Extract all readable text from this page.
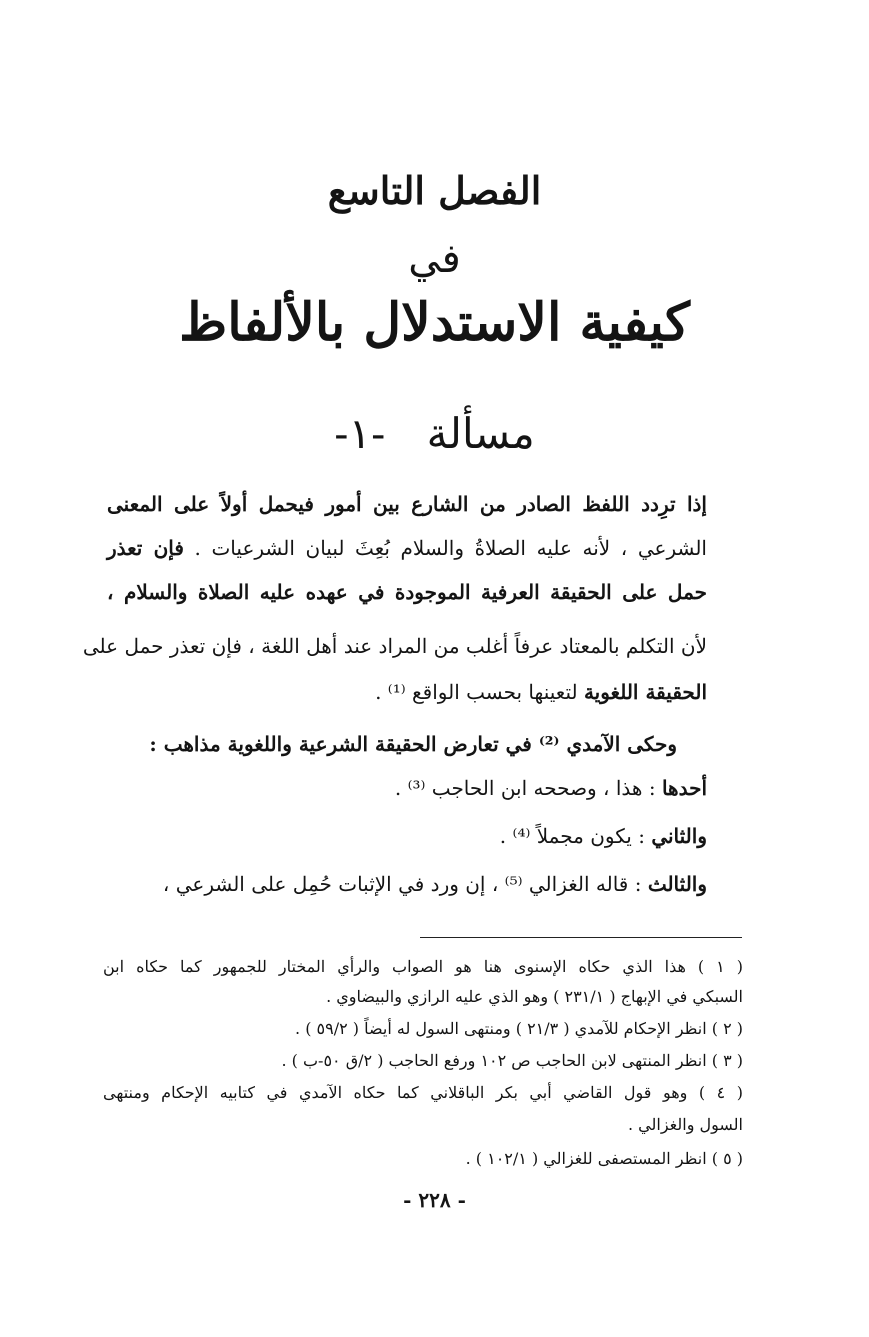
الفصل التاسع
في
كيفية الاستدلال بالألفاظ
مسألة -١-
إذا ترِدد اللفظ الصادر من الشارع بين أمور فيحمل أولاً على المعنى
الشرعي ، لأنه عليه الصلاةُ والسلام بُعِثَ لبيان الشرعيات . فإن تعذر
حمل على الحقيقة العرفية الموجودة في عهده عليه الصلاة والسلام ،
لأن التكلم بالمعتاد عرفاً أغلب من المراد عند أهل اللغة ، فإن تعذر حمل على
الحقيقة اللغوية لتعينها بحسب الواقع ⁽¹⁾ .
وحكى الآمدي ⁽²⁾ في تعارض الحقيقة الشرعية واللغوية مذاهب :
أحدها : هذا ، وصححه ابن الحاجب ⁽³⁾ .
والثاني : يكون مجملاً ⁽⁴⁾ .
والثالث : قاله الغزالي ⁽⁵⁾ ، إن ورد في الإثبات حُمِل على الشرعي ،
( ١ ) هذا الذي حكاه الإسنوى هنا هو الصواب والرأي المختار للجمهور كما حكاه ابن
السبكي في الإبهاج ( ٢٣١/١ ) وهو الذي عليه الرازي والبيضاوي .
( ٢ ) انظر الإحكام للآمدي ( ٢١/٣ ) ومنتهى السول له أيضاً ( ٥٩/٢ ) .
( ٣ ) انظر المنتهى لابن الحاجب ص ١٠٢ ورفع الحاجب ( ٢/ق ٥٠-ب ) .
( ٤ ) وهو قول القاضي أبي بكر الباقلاني كما حكاه الآمدي في كتابيه الإحكام ومنتهى
السول والغزالي .
( ٥ ) انظر المستصفى للغزالي ( ١٠٢/١ ) .
- ٢٢٨ -
